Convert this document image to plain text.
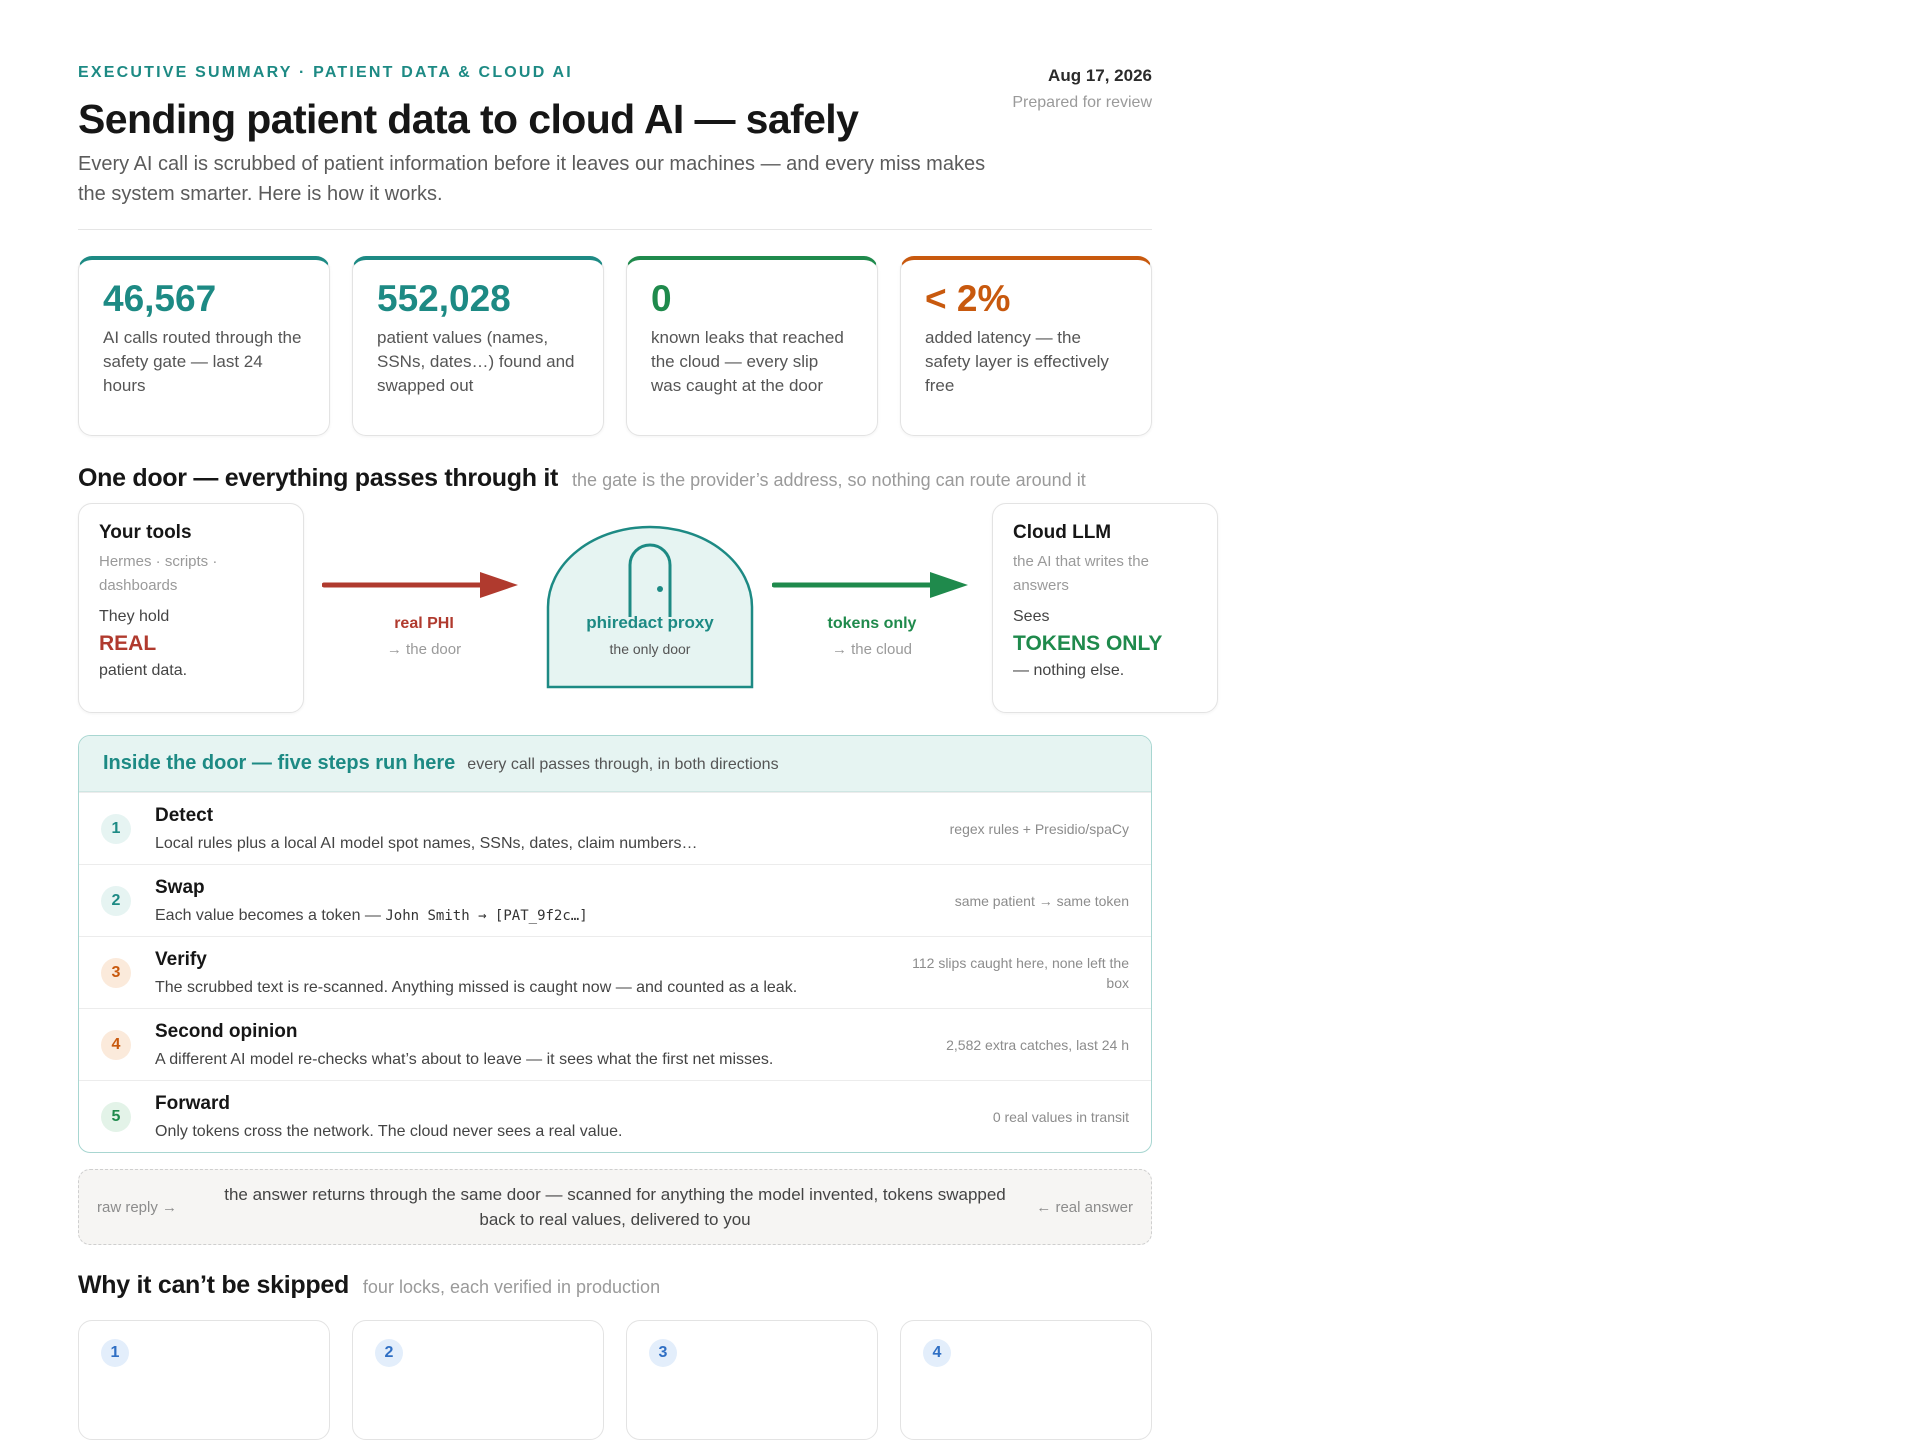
EXECUTIVE SUMMARY · PATIENT DATA & CLOUD AI
Sending patient data to cloud AI — safely

Every AI call is scrubbed of patient information before it leaves our machines — and every miss makes the system smarter. Here is how it works.

Aug 17, 2026
Prepared for review
46,567
AI calls routed through the safety gate — last 24 hours
552,028
patient values (names, SSNs, dates…) found and swapped out
0
known leaks that reached the cloud — every slip was caught at the door
< 2%
added latency — the safety layer is effectively free
One door — everything passes through it the gate is the provider’s address, so nothing can route around it
Your tools
Hermes · scripts · dashboards
They hold
REAL
patient data.
real PHI
→ the door
phiredact proxy
the only door
tokens only
→ the cloud
Cloud LLM
the AI that writes the answers
Sees
TOKENS ONLY
— nothing else.
Inside the door — five steps run here every call passes through, in both directions
1
Detect
Local rules plus a local AI model spot names, SSNs, dates, claim numbers…
regex rules + Presidio/spaCy
2
Swap
Each value becomes a token — John Smith → [PAT_9f2c…]
same patient → same token
3
Verify
The scrubbed text is re-scanned. Anything missed is caught now — and counted as a leak.
112 slips caught here, none left the box
4
Second opinion
A different AI model re-checks what’s about to leave — it sees what the first net misses.
2,582 extra catches, last 24 h
5
Forward
Only tokens cross the network. The cloud never sees a real value.
0 real values in transit
raw reply →
the answer returns through the same door — scanned for anything the model invented, tokens swapped back to real values, delivered to you
← real answer
Why it can’t be skipped four locks, each verified in production
1	2	3	4
